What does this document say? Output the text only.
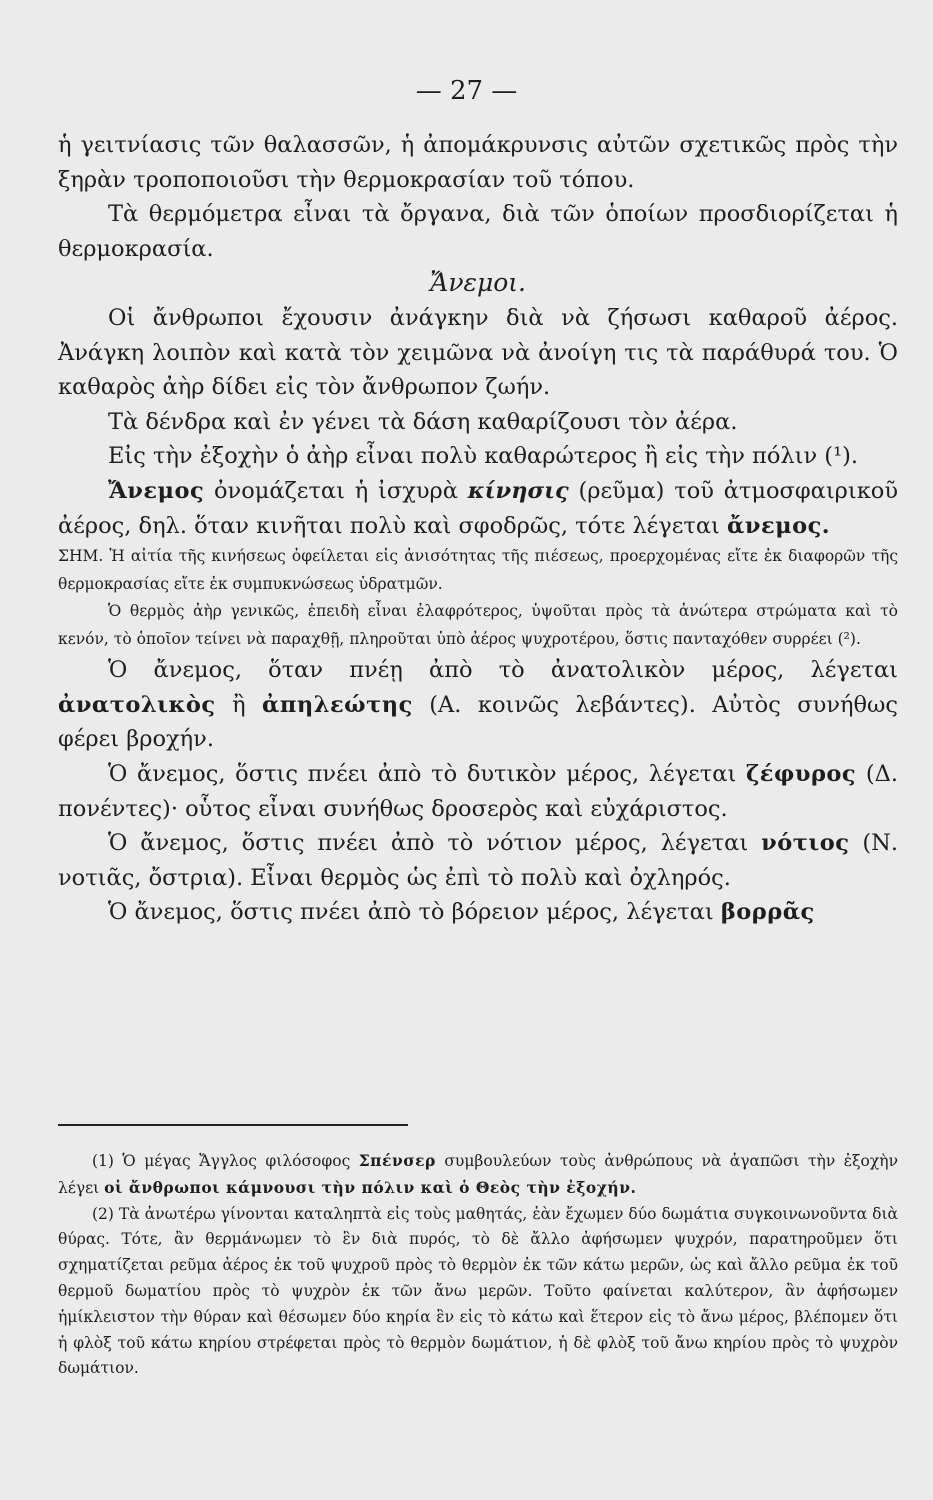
— 27 —

ἡ γειτνίασις τῶν θαλασσῶν, ἡ ἀπομάκρυνσις αὐτῶν σχετικῶς πρὸς τὴν ξηρὰν τροποποιοῦσι τὴν θερμοκρασίαν τοῦ τόπου.

Τὰ θερμόμετρα εἶναι τὰ ὄργανα, διὰ τῶν ὁποίων προσδιορίζεται ἡ θερμοκρασία.

Ἄνεμοι.

Οἱ ἄνθρωποι ἔχουσιν ἀνάγκην διὰ νὰ ζήσωσι καθαροῦ ἀέρος. Ἀνάγκη λοιπὸν καὶ κατὰ τὸν χειμῶνα νὰ ἀνοίγη τις τὰ παράθυρά του. Ὁ καθαρὸς ἀὴρ δίδει εἰς τὸν ἄνθρωπον ζωήν.

Τὰ δένδρα καὶ ἐν γένει τὰ δάση καθαρίζουσι τὸν ἀέρα.

Εἰς τὴν ἐξοχὴν ὁ ἀὴρ εἶναι πολὺ καθαρώτερος ἢ εἰς τὴν πόλιν (¹).

Ἄνεμος ὀνομάζεται ἡ ἰσχυρὰ κίνησις (ρεῦμα) τοῦ ἀτμοσφαιρικοῦ ἀέρος, δηλ. ὅταν κινῆται πολὺ καὶ σφοδρῶς, τότε λέγεται ἄνεμος.

ΣΗΜ. Ἡ αἰτία τῆς κινήσεως ὀφείλεται εἰς ἀνισότητας τῆς πιέσεως, προερχομένας εἴτε ἐκ διαφορῶν τῆς θερμοκρασίας εἴτε ἐκ συμπυκνώσεως ὑδρατμῶν.

Ὁ θερμὸς ἀὴρ γενικῶς, ἐπειδὴ εἶναι ἐλαφρότερος, ὑψοῦται πρὸς τὰ ἀνώτερα στρώματα καὶ τὸ κενόν, τὸ ὁποῖον τείνει νὰ παραχθῇ, πληροῦται ὑπὸ ἀέρος ψυχροτέρου, ὅστις πανταχόθεν συρρέει (²).

Ὁ ἄνεμος, ὅταν πνέῃ ἀπὸ τὸ ἀνατολικὸν μέρος, λέγεται ἀνατολικὸς ἢ ἀπηλεώτης (Α. κοινῶς λεβάντες). Αὐτὸς συνήθως φέρει βροχήν.

Ὁ ἄνεμος, ὅστις πνέει ἀπὸ τὸ δυτικὸν μέρος, λέγεται ζέφυρος (Δ. πονέντες)· οὗτος εἶναι συνήθως δροσερὸς καὶ εὐχάριστος.

Ὁ ἄνεμος, ὅστις πνέει ἀπὸ τὸ νότιον μέρος, λέγεται νότιος (Ν. νοτιᾶς, ὄστρια). Εἶναι θερμὸς ὡς ἐπὶ τὸ πολὺ καὶ ὀχληρός.

Ὁ ἄνεμος, ὅστις πνέει ἀπὸ τὸ βόρειον μέρος, λέγεται βορρᾶς

(1) Ὁ μέγας Ἄγγλος φιλόσοφος Σπένσερ συμβουλεύων τοὺς ἀνθρώπους νὰ ἀγαπῶσι τὴν ἐξοχὴν λέγει οἱ ἄνθρωποι κάμνουσι τὴν πόλιν καὶ ὁ Θεὸς τὴν ἐξοχήν.

(2) Τὰ ἀνωτέρω γίνονται καταληπτὰ εἰς τοὺς μαθητάς, ἐὰν ἔχωμεν δύο δωμάτια συγκοινωνοῦντα διὰ θύρας. Τότε, ἂν θερμάνωμεν τὸ ἓν διὰ πυρός, τὸ δὲ ἄλλο ἀφήσωμεν ψυχρόν, παρατηροῦμεν ὅτι σχηματίζεται ρεῦμα ἀέρος ἐκ τοῦ ψυχροῦ πρὸς τὸ θερμὸν ἐκ τῶν κάτω μερῶν, ὡς καὶ ἄλλο ρεῦμα ἐκ τοῦ θερμοῦ δωματίου πρὸς τὸ ψυχρὸν ἐκ τῶν ἄνω μερῶν. Τοῦτο φαίνεται καλύτερον, ἂν ἀφήσωμεν ἡμίκλειστον τὴν θύραν καὶ θέσωμεν δύο κηρία ἓν εἰς τὸ κάτω καὶ ἕτερον εἰς τὸ ἄνω μέρος, βλέπομεν ὅτι ἡ φλὸξ τοῦ κάτω κηρίου στρέφεται πρὸς τὸ θερμὸν δωμάτιον, ἡ δὲ φλὸξ τοῦ ἄνω κηρίου πρὸς τὸ ψυχρὸν δωμάτιον.
